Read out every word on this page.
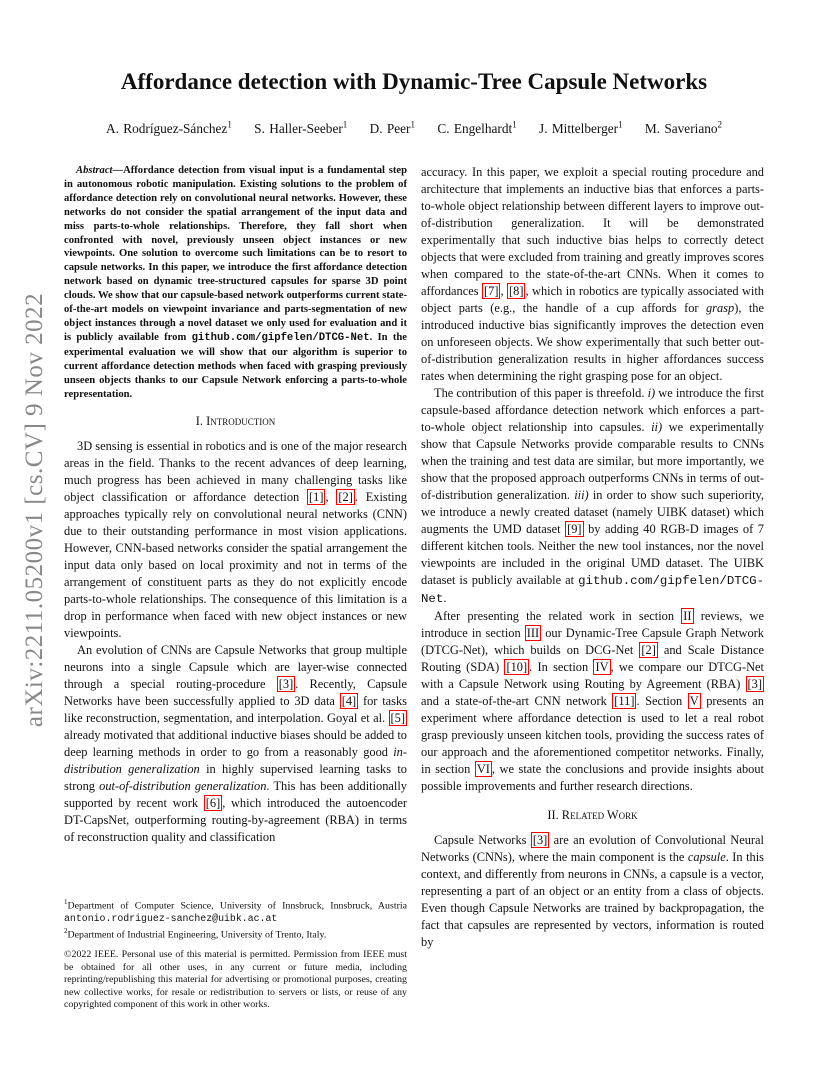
Affordance detection with Dynamic-Tree Capsule Networks
A. Rodríguez-Sánchez$^1$ S. Haller-Seeber$^1$ D. Peer$^1$ C. Engelhardt$^1$ J. Mittelberger$^1$ M. Saveriano$^2$
arXiv:2211.05200v1 [cs.CV] 9 Nov 2022

Abstract—Affordance detection from visual input is a fundamental step in autonomous robotic manipulation. Existing solutions to the problem of affordance detection rely on convolutional neural networks. However, these networks do not consider the spatial arrangement of the input data and miss parts-to-whole relationships. Therefore, they fall short when confronted with novel, previously unseen object instances or new viewpoints. One solution to overcome such limitations can be to resort to capsule networks. In this paper, we introduce the first affordance detection network based on dynamic tree-structured capsules for sparse 3D point clouds. We show that our capsule-based network outperforms current state-of-the-art models on viewpoint invariance and parts-segmentation of new object instances through a novel dataset we only used for evaluation and it is publicly available from github.com/gipfelen/DTCG-Net. In the experimental evaluation we will show that our algorithm is superior to current affordance detection methods when faced with grasping previously unseen objects thanks to our Capsule Network enforcing a parts-to-whole representation.

I. Introduction

3D sensing is essential in robotics and is one of the major research areas in the field. Thanks to the recent advances of deep learning, much progress has been achieved in many challenging tasks like object classification or affordance detection [1] , [2] . Existing approaches typically rely on convolutional neural networks (CNN) due to their outstanding performance in most vision applications. However, CNN-based networks consider the spatial arrangement the input data only based on local proximity and not in terms of the arrangement of constituent parts as they do not explicitly encode parts-to-whole relationships. The consequence of this limitation is a drop in performance when faced with new object instances or new viewpoints.

An evolution of CNNs are Capsule Networks that group multiple neurons into a single Capsule which are layer-wise connected through a special routing-procedure [3] . Recently, Capsule Networks have been successfully applied to 3D data [4] for tasks like reconstruction, segmentation, and interpolation. Goyal et al. [5] already motivated that additional inductive biases should be added to deep learning methods in order to go from a reasonably good in-distribution generalization in highly supervised learning tasks to strong out-of-distribution generalization. This has been additionally supported by recent work [6] , which introduced the autoencoder DT-CapsNet, outperforming routing-by-agreement (RBA) in terms of reconstruction quality and classification

$^1$Department of Computer Science, University of Innsbruck, Innsbruck, Austria antonio.rodriguez-sanchez@uibk.ac.at

$^2$Department of Industrial Engineering, University of Trento, Italy.

©2022 IEEE. Personal use of this material is permitted. Permission from IEEE must be obtained for all other uses, in any current or future media, including reprinting/republishing this material for advertising or promotional purposes, creating new collective works, for resale or redistribution to servers or lists, or reuse of any copyrighted component of this work in other works.

accuracy. In this paper, we exploit a special routing procedure and architecture that implements an inductive bias that enforces a parts-to-whole object relationship between different layers to improve out-of-distribution generalization. It will be demonstrated experimentally that such inductive bias helps to correctly detect objects that were excluded from training and greatly improves scores when compared to the state-of-the-art CNNs. When it comes to affordances [7] , [8] , which in robotics are typically associated with object parts (e.g., the handle of a cup affords for grasp), the introduced inductive bias significantly improves the detection even on unforeseen objects. We show experimentally that such better out-of-distribution generalization results in higher affordances success rates when determining the right grasping pose for an object.

The contribution of this paper is threefold. i) we introduce the first capsule-based affordance detection network which enforces a part-to-whole object relationship into capsules. ii) we experimentally show that Capsule Networks provide comparable results to CNNs when the training and test data are similar, but more importantly, we show that the proposed approach outperforms CNNs in terms of out-of-distribution generalization. iii) in order to show such superiority, we introduce a newly created dataset (namely UIBK dataset) which augments the UMD dataset [9] by adding 40 RGB-D images of 7 different kitchen tools. Neither the new tool instances, nor the novel viewpoints are included in the original UMD dataset. The UIBK dataset is publicly available at github.com/gipfelen/DTCG-Net.

After presenting the related work in section II reviews, we introduce in section III our Dynamic-Tree Capsule Graph Network (DTCG-Net), which builds on DCG-Net [2] and Scale Distance Routing (SDA) [10] . In section IV , we compare our DTCG-Net with a Capsule Network using Routing by Agreement (RBA) [3] and a state-of-the-art CNN network [11] . Section V presents an experiment where affordance detection is used to let a real robot grasp previously unseen kitchen tools, providing the success rates of our approach and the aforementioned competitor networks. Finally, in section VI , we state the conclusions and provide insights about possible improvements and further research directions.

II. Related Work

Capsule Networks [3] are an evolution of Convolutional Neural Networks (CNNs), where the main component is the capsule. In this context, and differently from neurons in CNNs, a capsule is a vector, representing a part of an object or an entity from a class of objects. Even though Capsule Networks are trained by backpropagation, the fact that capsules are represented by vectors, information is routed by
